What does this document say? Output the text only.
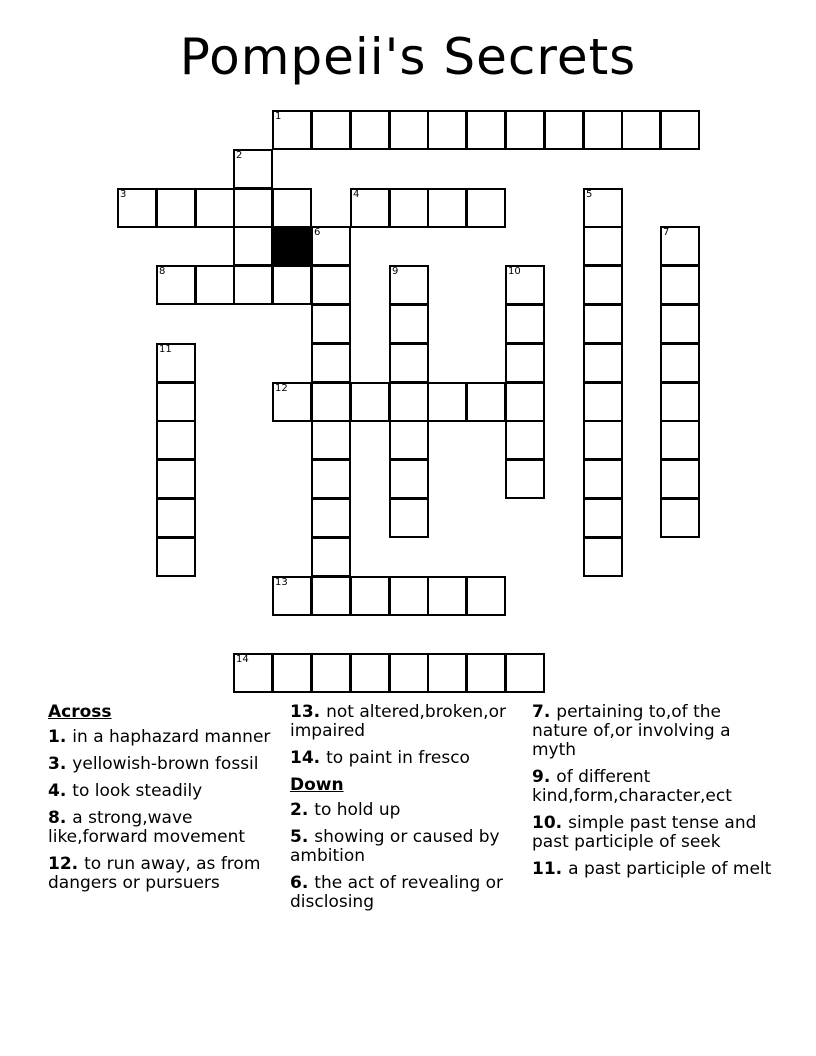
Pompeii's Secrets
1
2
3	4	5
6	7
8	9	10
11
12
13
14
Across
1. in a haphazard manner
3. yellowish-brown fossil
4. to look steadily
8. a strong,wave like,forward movement
12. to run away, as from dangers or pursuers
13. not altered,broken,or impaired
14. to paint in fresco
Down
2. to hold up
5. showing or caused by ambition
6. the act of revealing or disclosing
7. pertaining to,of the nature of,or involving a myth
9. of different kind,form,character,ect
10. simple past tense and past participle of seek
11. a past participle of melt
